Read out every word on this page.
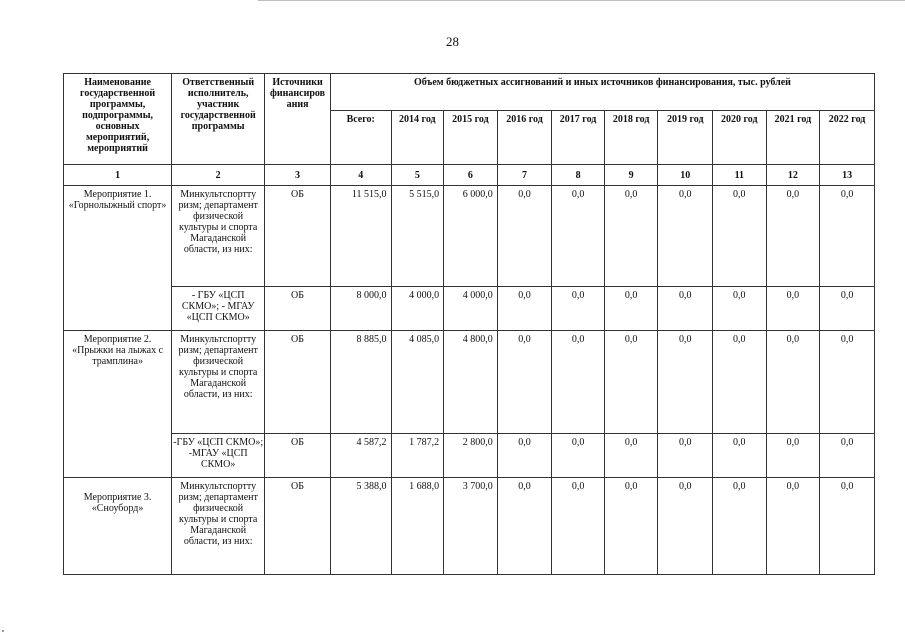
28
Наименование государственной программы, подпрограммы, основных мероприятий, мероприятий	Ответственный исполнитель, участник государственной программы	Источники финансиров ания	Объем бюджетных ассигнований и иных источников финансирования, тыс. рублей									
			Всего:	2014 год	2015 год	2016 год	2017 год	2018 год	2019 год	2020 год	2021 год	2022 год
1	2	3	4	5	6	7	8	9	10	11	12	13
Мероприятие 1. «Горнолыжный спорт»	Минкультспортту ризм; департамент физической культуры и спорта Магаданской области, из них:	ОБ	11 515,0	5 515,0	6 000,0	0,0	0,0	0,0	0,0	0,0	0,0	0,0
	- ГБУ «ЦСП СКМО»; - МГАУ «ЦСП СКМО»	ОБ	8 000,0	4 000,0	4 000,0	0,0	0,0	0,0	0,0	0,0	0,0	0,0
Мероприятие 2. «Прыжки на лыжах с трамплина»	Минкультспортту ризм; департамент физической культуры и спорта Магаданской области, из них:	ОБ	8 885,0	4 085,0	4 800,0	0,0	0,0	0,0	0,0	0,0	0,0	0,0
	-ГБУ «ЦСП СКМО»; -МГАУ «ЦСП СКМО»	ОБ	4 587,2	1 787,2	2 800,0	0,0	0,0	0,0	0,0	0,0	0,0	0,0
Мероприятие 3. «Сноуборд»	Минкультспортту ризм; департамент физической культуры и спорта Магаданской области, из них:	ОБ	5 388,0	1 688,0	3 700,0	0,0	0,0	0,0	0,0	0,0	0,0	0,0
